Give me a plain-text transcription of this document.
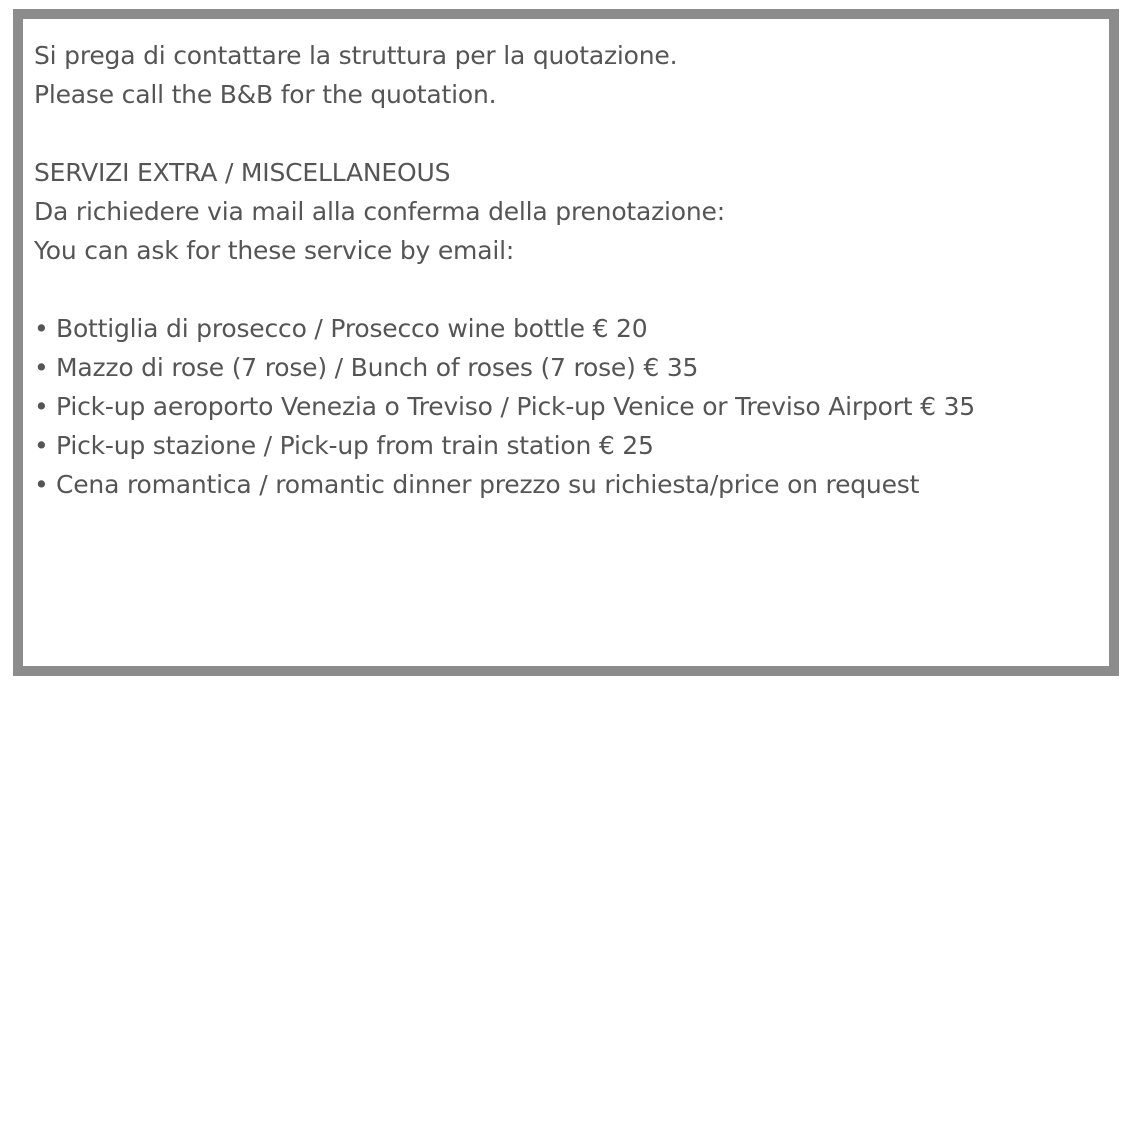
Si prega di contattare la struttura per la quotazione.
Please call the B&B for the quotation.
SERVIZI EXTRA / MISCELLANEOUS
Da richiedere via mail alla conferma della prenotazione:
You can ask for these service by email:
• Bottiglia di prosecco / Prosecco wine bottle € 20
• Mazzo di rose (7 rose) / Bunch of roses (7 rose) € 35
• Pick-up aeroporto Venezia o Treviso / Pick-up Venice or Treviso Airport € 35
• Pick-up stazione / Pick-up from train station € 25
• Cena romantica / romantic dinner prezzo su richiesta/price on request
